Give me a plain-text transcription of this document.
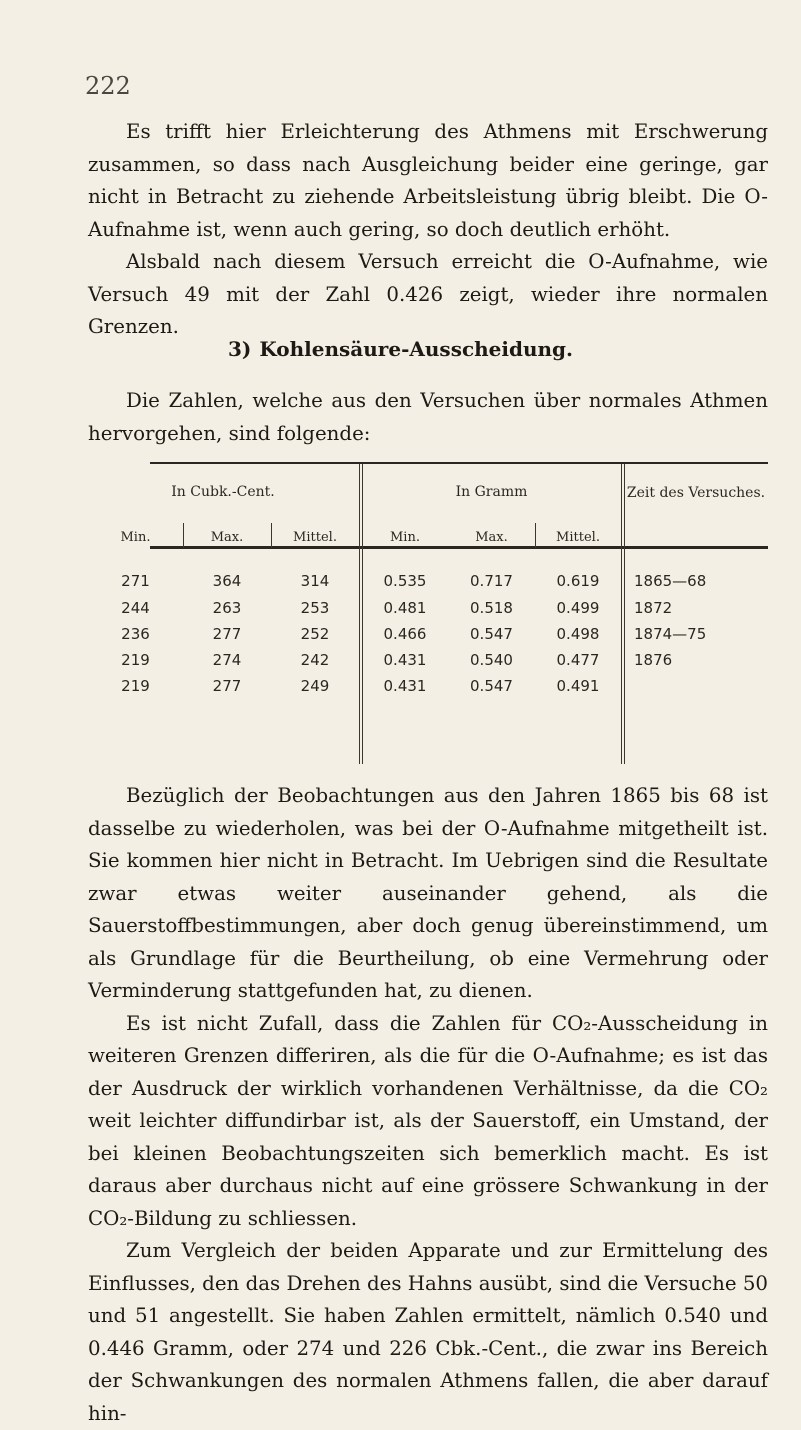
222

Es trifft hier Erleichterung des Athmens mit Erschwerung zusammen, so dass nach Ausgleichung beider eine geringe, gar nicht in Betracht zu ziehende Arbeitsleistung übrig bleibt. Die O-Aufnahme ist, wenn auch gering, so doch deutlich erhöht.

Alsbald nach diesem Versuch erreicht die O-Aufnahme, wie Versuch 49 mit der Zahl 0.426 zeigt, wieder ihre normalen Grenzen.

3) Kohlensäure-Ausscheidung.

Die Zahlen, welche aus den Versuchen über normales Athmen hervorgehen, sind folgende:

In Cubk.-Cent.	In Gramm	Zeit des Versuches.
Min.	Max.	Mittel.	Min.	Max.	Mittel.
271	364	314	0.535	0.717	0.619	1865—68
244	263	253	0.481	0.518	0.499	1872
236	277	252	0.466	0.547	0.498	1874—75
219	274	242	0.431	0.540	0.477	1876
219	277	249	0.431	0.547	0.491

Bezüglich der Beobachtungen aus den Jahren 1865 bis 68 ist dasselbe zu wiederholen, was bei der O-Aufnahme mitgetheilt ist. Sie kommen hier nicht in Betracht. Im Uebrigen sind die Resultate zwar etwas weiter auseinander gehend, als die Sauerstoffbestimmungen, aber doch genug übereinstimmend, um als Grundlage für die Beurtheilung, ob eine Vermehrung oder Verminderung stattgefunden hat, zu dienen.

Es ist nicht Zufall, dass die Zahlen für CO₂-Ausscheidung in weiteren Grenzen differiren, als die für die O-Aufnahme; es ist das der Ausdruck der wirklich vorhandenen Verhältnisse, da die CO₂ weit leichter diffundirbar ist, als der Sauerstoff, ein Umstand, der bei kleinen Beobachtungszeiten sich bemerklich macht. Es ist daraus aber durchaus nicht auf eine grössere Schwankung in der CO₂-Bildung zu schliessen.

Zum Vergleich der beiden Apparate und zur Ermittelung des Einflusses, den das Drehen des Hahns ausübt, sind die Versuche 50 und 51 angestellt. Sie haben Zahlen ermittelt, nämlich 0.540 und 0.446 Gramm, oder 274 und 226 Cbk.-Cent., die zwar ins Bereich der Schwankungen des normalen Athmens fallen, die aber darauf hin-
